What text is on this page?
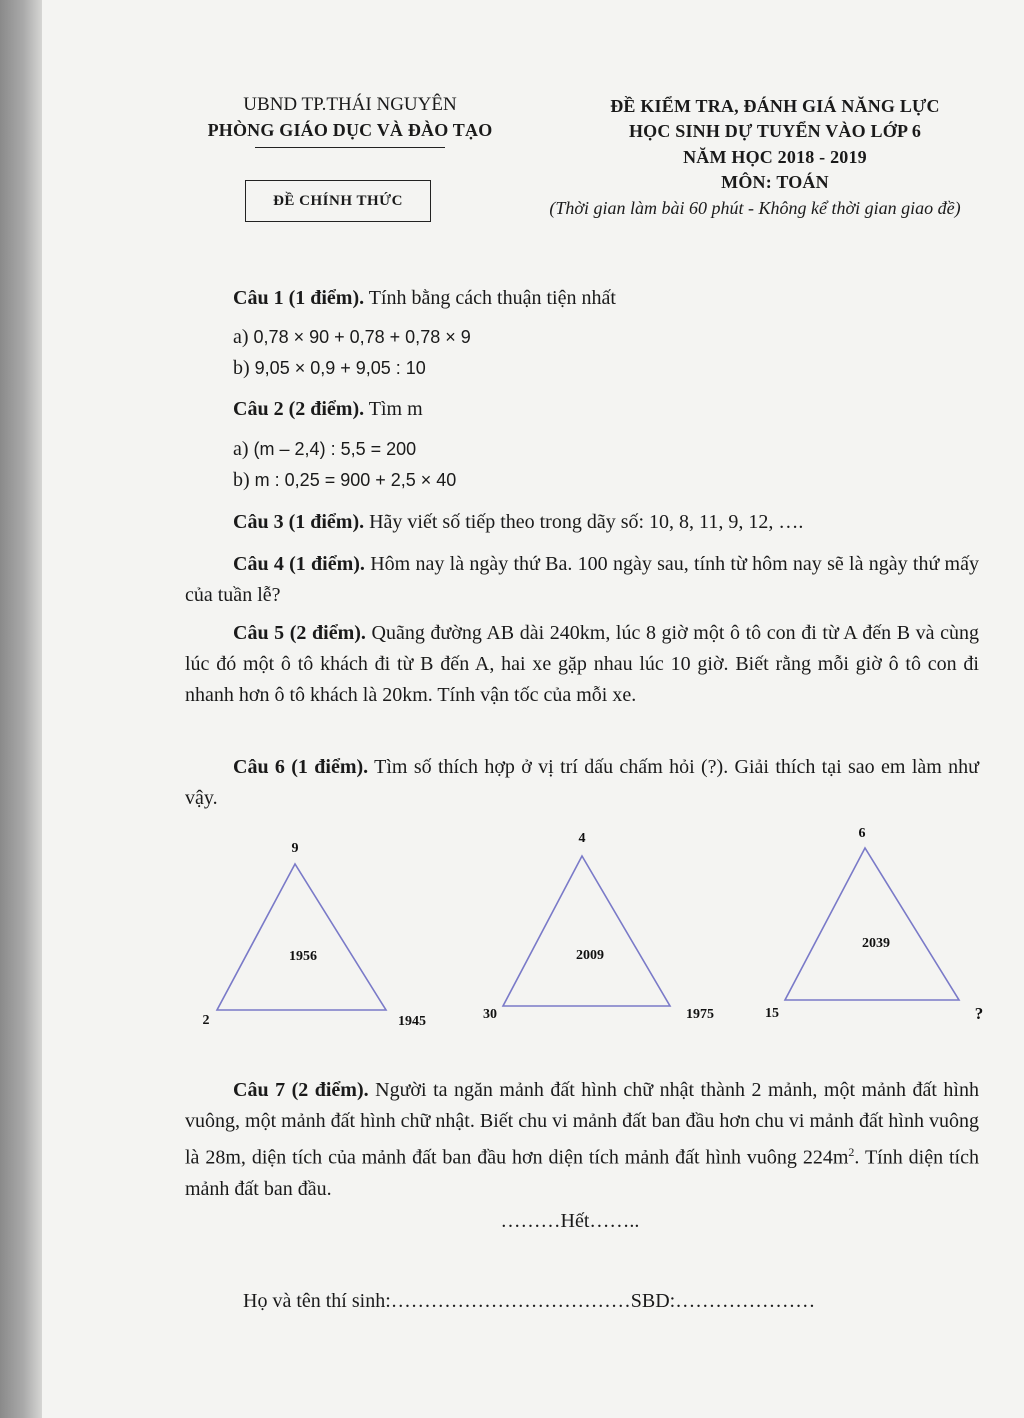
UBND TP.THÁI NGUYÊN
PHÒNG GIÁO DỤC VÀ ĐÀO TẠO
ĐỀ CHÍNH THỨC
ĐỀ KIỂM TRA, ĐÁNH GIÁ NĂNG LỰC
HỌC SINH DỰ TUYỂN VÀO LỚP 6
NĂM HỌC 2018 - 2019
MÔN: TOÁN
(Thời gian làm bài 60 phút - Không kể thời gian giao đề)
Câu 1 (1 điểm). Tính bằng cách thuận tiện nhất
a) 0,78 × 90 + 0,78 + 0,78 × 9
b) 9,05 × 0,9 + 9,05 : 10
Câu 2 (2 điểm). Tìm m
a) (m – 2,4) : 5,5 = 200
b) m : 0,25 = 900 + 2,5 × 40
Câu 3 (1 điểm). Hãy viết số tiếp theo trong dãy số: 10, 8, 11, 9, 12, ….
Câu 4 (1 điểm). Hôm nay là ngày thứ Ba. 100 ngày sau, tính từ hôm nay sẽ là ngày thứ mấy của tuần lễ?
Câu 5 (2 điểm). Quãng đường AB dài 240km, lúc 8 giờ một ô tô con đi từ A đến B và cùng lúc đó một ô tô khách đi từ B đến A, hai xe gặp nhau lúc 10 giờ. Biết rằng mỗi giờ ô tô con đi nhanh hơn ô tô khách là 20km. Tính vận tốc của mỗi xe.
Câu 6 (1 điểm). Tìm số thích hợp ở vị trí dấu chấm hỏi (?). Giải thích tại sao em làm như vậy.
9
1956
2	1945
4
2009
30	1975
6
2039
15	?
Câu 7 (2 điểm). Người ta ngăn mảnh đất hình chữ nhật thành 2 mảnh, một mảnh đất hình vuông, một mảnh đất hình chữ nhật. Biết chu vi mảnh đất ban đầu hơn chu vi mảnh đất hình vuông là 28m, diện tích của mảnh đất ban đầu hơn diện tích mảnh đất hình vuông $224m^2$. Tính diện tích mảnh đất ban đầu.
………Hết……..
Họ và tên thí sinh:………………………………SBD:…………………
